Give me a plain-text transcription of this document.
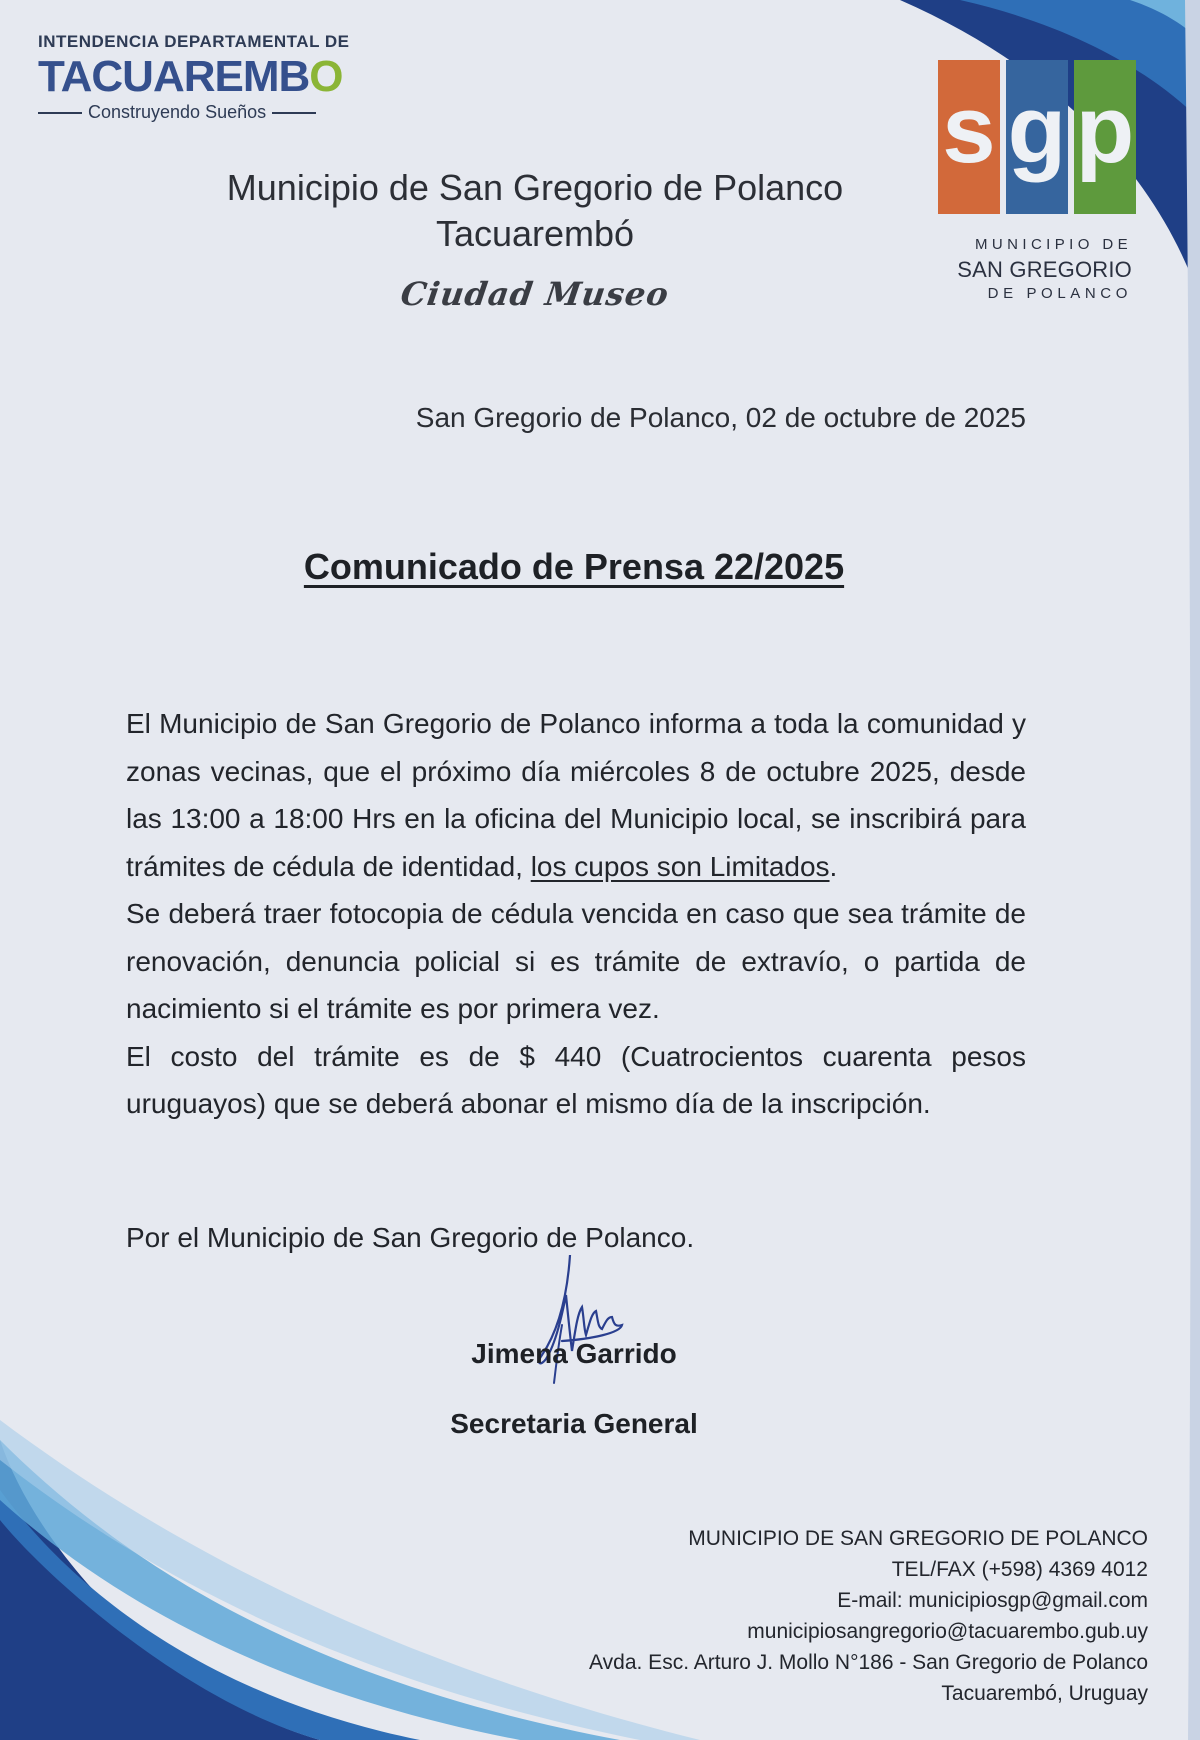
INTENDENCIA DEPARTAMENTAL DE
TACUAREMBO
Construyendo Sueños
Municipio de San Gregorio de Polanco
Tacuarembó
Ciudad Museo
s g p
MUNICIPIO DE
SAN GREGORIO
DE POLANCO
San Gregorio de Polanco, 02 de octubre de 2025
Comunicado de Prensa 22/2025

El Municipio de San Gregorio de Polanco informa a toda la comunidad y zonas vecinas, que el próximo día miércoles 8 de octubre 2025, desde las 13:00 a 18:00 Hrs en la oficina del Municipio local, se inscribirá para trámites de cédula de identidad, los cupos son Limitados.

Se deberá traer fotocopia de cédula vencida en caso que sea trámite de renovación, denuncia policial si es trámite de extravío, o partida de nacimiento si el trámite es por primera vez.

El costo del trámite es de $ 440 (Cuatrocientos cuarenta pesos uruguayos) que se deberá abonar el mismo día de la inscripción.

Por el Municipio de San Gregorio de Polanco.
Jimena Garrido
Secretaria General
MUNICIPIO DE SAN GREGORIO DE POLANCO
TEL/FAX (+598) 4369 4012
E-mail: municipiosgp@gmail.com
municipiosangregorio@tacuarembo.gub.uy
Avda. Esc. Arturo J. Mollo N°186 - San Gregorio de Polanco
Tacuarembó, Uruguay
